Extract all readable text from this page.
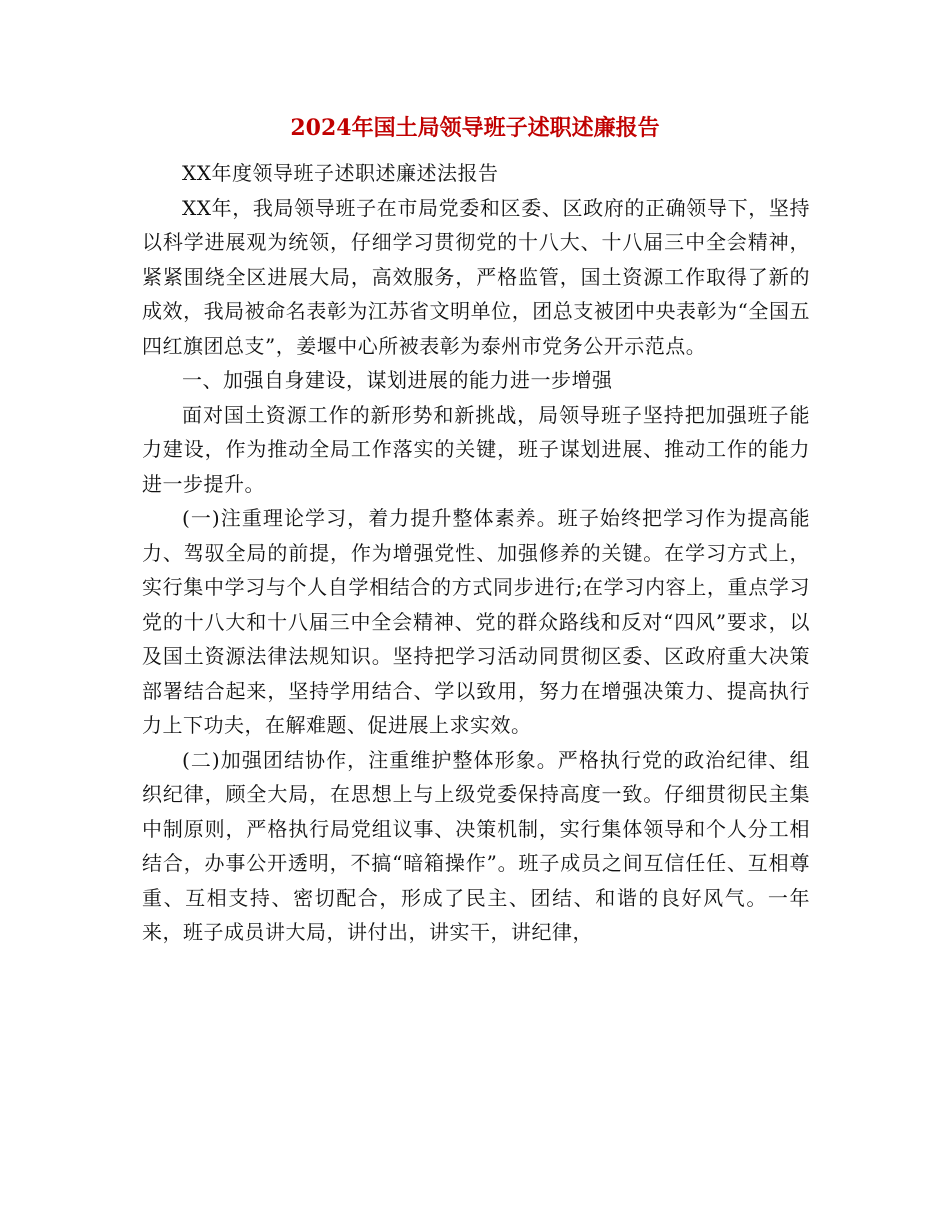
2024年国土局领导班子述职述廉报告

XX年度领导班子述职述廉述法报告

XX年，我局领导班子在市局党委和区委、区政府的正确领导下，坚持以科学进展观为统领，仔细学习贯彻党的十八大、十八届三中全会精神，紧紧围绕全区进展大局，高效服务，严格监管，国土资源工作取得了新的成效，我局被命名表彰为江苏省文明单位，团总支被团中央表彰为“全国五四红旗团总支”，姜堰中心所被表彰为泰州市党务公开示范点。

一、加强自身建设，谋划进展的能力进一步增强

面对国土资源工作的新形势和新挑战，局领导班子坚持把加强班子能力建设，作为推动全局工作落实的关键，班子谋划进展、推动工作的能力进一步提升。

(一)注重理论学习，着力提升整体素养。班子始终把学习作为提高能力、驾驭全局的前提，作为增强党性、加强修养的关键。在学习方式上，实行集中学习与个人自学相结合的方式同步进行;在学习内容上，重点学习党的十八大和十八届三中全会精神、党的群众路线和反对“四风”要求，以及国土资源法律法规知识。坚持把学习活动同贯彻区委、区政府重大决策部署结合起来，坚持学用结合、学以致用，努力在增强决策力、提高执行力上下功夫，在解难题、促进展上求实效。

(二)加强团结协作，注重维护整体形象。严格执行党的政治纪律、组织纪律，顾全大局，在思想上与上级党委保持高度一致。仔细贯彻民主集中制原则，严格执行局党组议事、决策机制，实行集体领导和个人分工相结合，办事公开透明，不搞“暗箱操作”。班子成员之间互信任任、互相尊重、互相支持、密切配合，形成了民主、团结、和谐的良好风气。一年来，班子成员讲大局，讲付出，讲实干，讲纪律，
